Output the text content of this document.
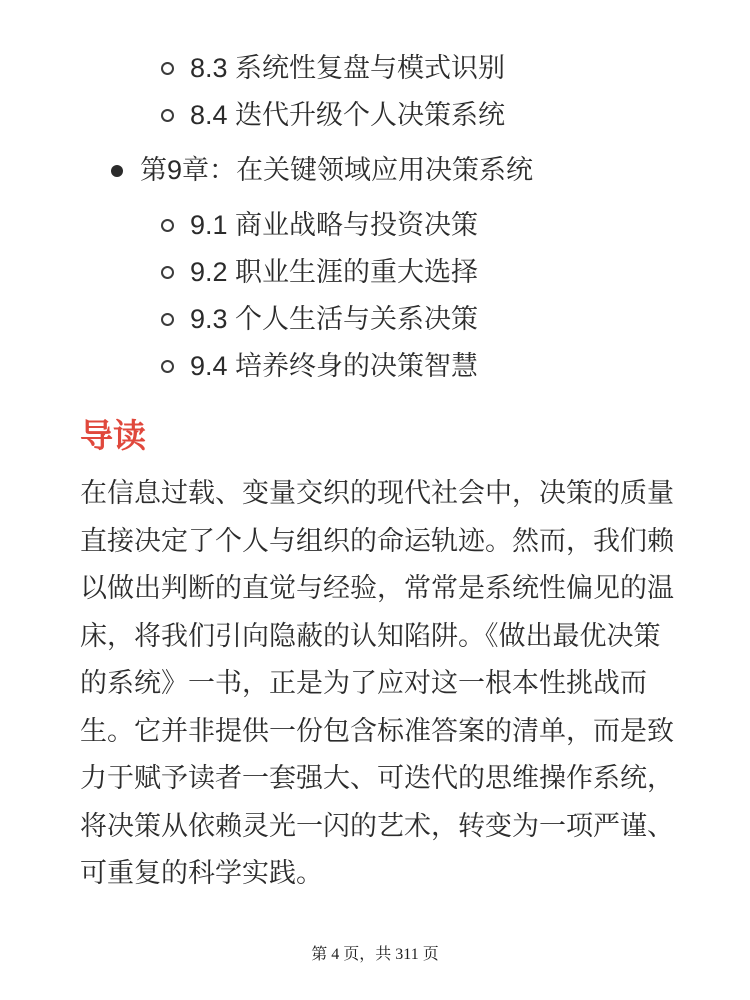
8.3 系统性复盘与模式识别
8.4 迭代升级个人决策系统
第9章：在关键领域应用决策系统
9.1 商业战略与投资决策
9.2 职业生涯的重大选择
9.3 个人生活与关系决策
9.4 培养终身的决策智慧
导读

在信息过载、变量交织的现代社会中，决策的质量直接决定了个人与组织的命运轨迹。然而，我们赖以做出判断的直觉与经验，常常是系统性偏见的温床，将我们引向隐蔽的认知陷阱。《做出最优决策的系统》一书，正是为了应对这一根本性挑战而生。它并非提供一份包含标准答案的清单，而是致力于赋予读者一套强大、可迭代的思维操作系统，将决策从依赖灵光一闪的艺术，转变为一项严谨、可重复的科学实践。

第 4 页，共 311 页
